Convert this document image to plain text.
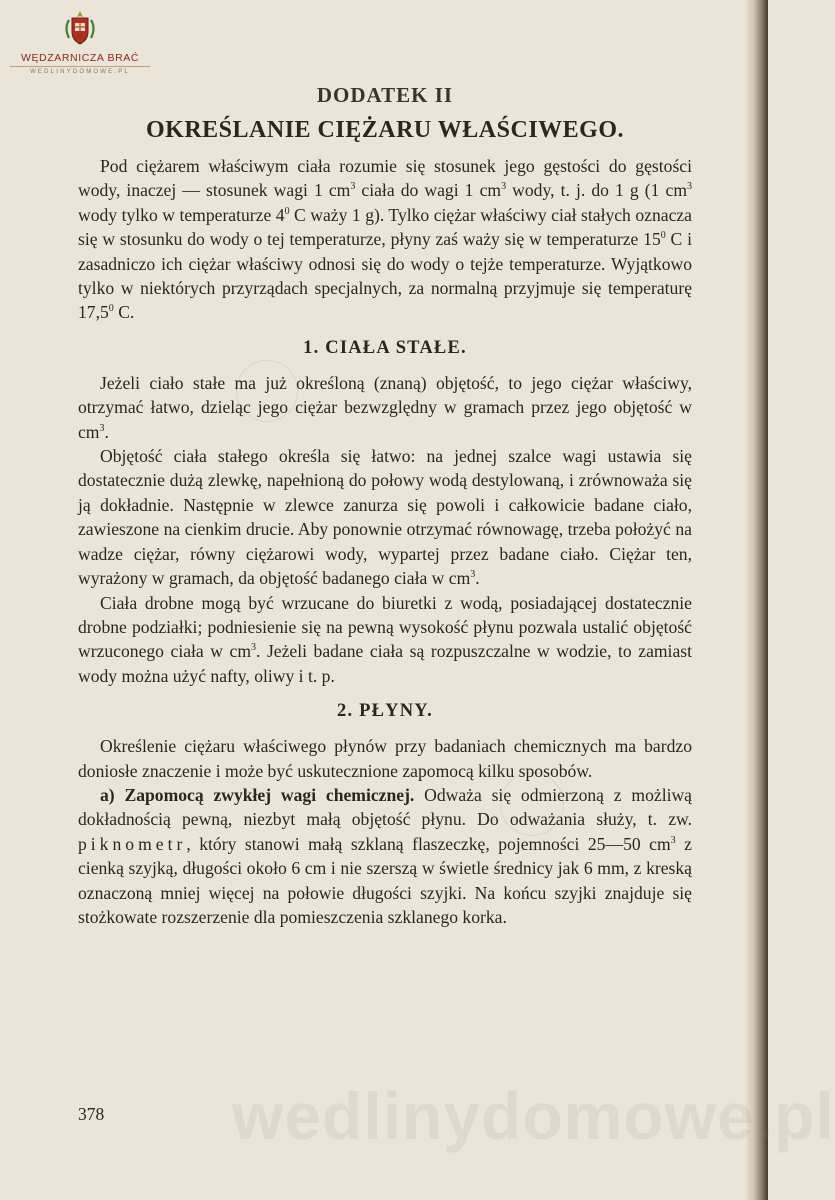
WĘDZARNICZA BRAĆ
WEDLINYDOMOWE.PL
DODATEK II
OKREŚLANIE CIĘŻARU WŁAŚCIWEGO.

Pod ciężarem właściwym ciała rozumie się stosunek jego gęstości do gęstości wody, inaczej — stosunek wagi 1 $cm^3$ ciała do wagi 1 $cm^3$ wody, t. j. do 1 g (1 $cm^3$ wody tylko w temperaturze $4^0$ C waży 1 g). Tylko ciężar właściwy ciał stałych oznacza się w stosunku do wody o tej temperaturze, płyny zaś waży się w temperaturze $15^0$ C i zasadniczo ich ciężar właściwy odnosi się do wody o tejże temperaturze. Wyjątkowo tylko w niektórych przyrządach specjalnych, za normalną przyjmuje się temperaturę 17,5$^0$ C.

1. CIAŁA STAŁE.

Jeżeli ciało stałe ma już określoną (znaną) objętość, to jego ciężar właściwy, otrzymać łatwo, dzieląc jego ciężar bezwzględny w gramach przez jego objętość w $cm^3$.

Objętość ciała stałego określa się łatwo: na jednej szalce wagi ustawia się dostatecznie dużą zlewkę, napełnioną do połowy wodą destylowaną, i zrównoważa się ją dokładnie. Następnie w zlewce zanurza się powoli i całkowicie badane ciało, zawieszone na cienkim drucie. Aby ponownie otrzymać równowagę, trzeba położyć na wadze ciężar, równy ciężarowi wody, wypartej przez badane ciało. Ciężar ten, wyrażony w gramach, da objętość badanego ciała w $cm^3$.

Ciała drobne mogą być wrzucane do biuretki z wodą, posiadającej dostatecznie drobne podziałki; podniesienie się na pewną wysokość płynu pozwala ustalić objętość wrzuconego ciała w $cm^3$. Jeżeli badane ciała są rozpuszczalne w wodzie, to zamiast wody można użyć nafty, oliwy i t. p.

2. PŁYNY.

Określenie ciężaru właściwego płynów przy badaniach chemicznych ma bardzo doniosłe znaczenie i może być uskutecznione zapomocą kilku sposobów.

a) Zapomocą zwykłej wagi chemicznej. Odważa się odmierzoną z możliwą dokładnością pewną, niezbyt małą objętość płynu. Do odważania służy, t. zw. piknometr, który stanowi małą szklaną flaszeczkę, pojemności 25—50 $cm^3$ z cienką szyjką, długości około 6 cm i nie szerszą w świetle średnicy jak 6 mm, z kreską oznaczoną mniej więcej na połowie długości szyjki. Na końcu szyjki znajduje się stożkowate rozszerzenie dla pomieszczenia szklanego korka.

wedlinydomowe.pl
378
